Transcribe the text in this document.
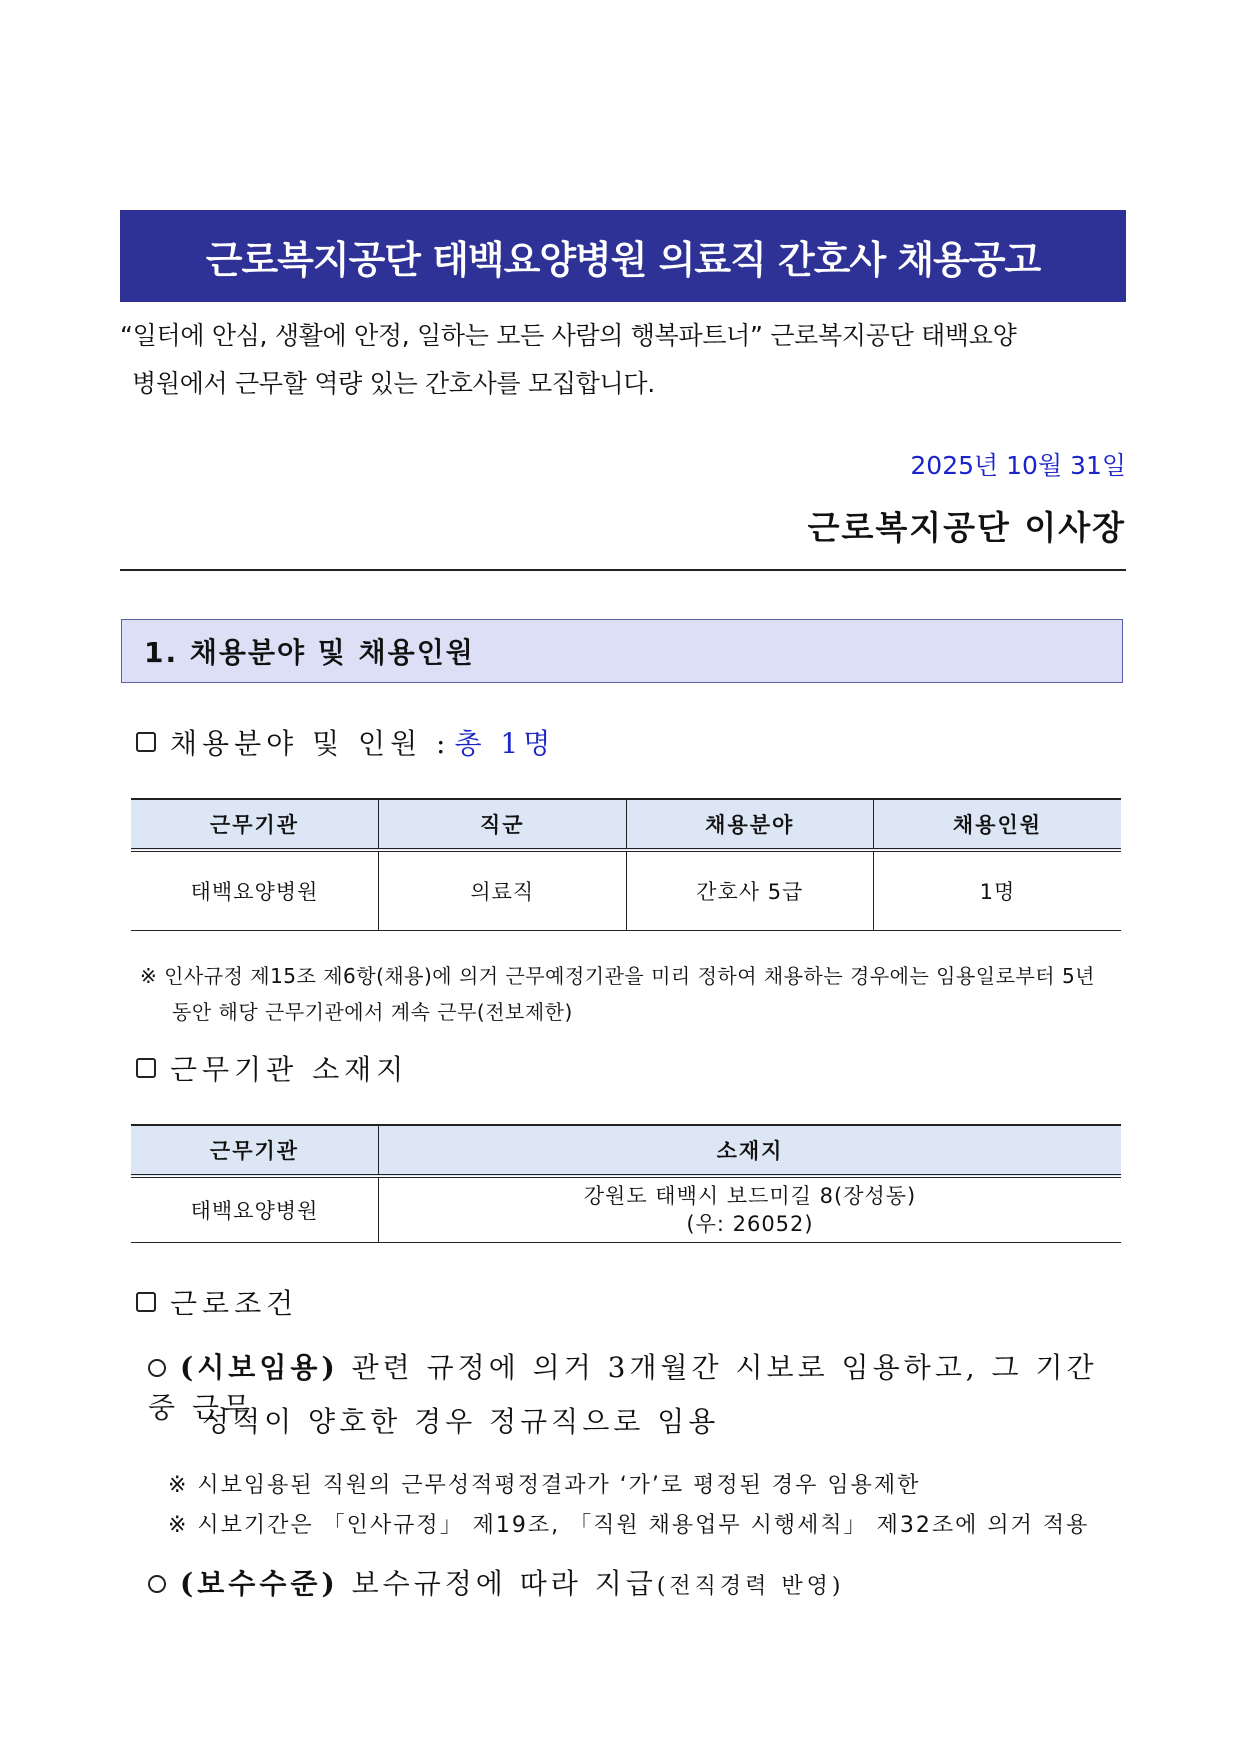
근로복지공단 태백요양병원 의료직 간호사 채용공고
“일터에 안심, 생활에 안정, 일하는 모든 사람의 행복파트너” 근로복지공단 태백요양
병원에서 근무할 역량 있는 간호사를 모집합니다.
2025년 10월 31일
근로복지공단 이사장
1. 채용분야 및 채용인원
채용분야 및 인원 : 총 1명
근무기관	직군	채용분야	채용인원
태백요양병원	의료직	간호사 5급	1명
※ 인사규정 제15조 제6항(채용)에 의거 근무예정기관을 미리 정하여 채용하는 경우에는 임용일로부터 5년
동안 해당 근무기관에서 계속 근무(전보제한)
근무기관 소재지
근무기관	소재지
태백요양병원	강원도 태백시 보드미길 8(장성동)
(우: 26052)
근로조건
(시보임용) 관련 규정에 의거 3개월간 시보로 임용하고, 그 기간 중 근무
성적이 양호한 경우 정규직으로 임용
※ 시보임용된 직원의 근무성적평정결과가 ‘가’로 평정된 경우 임용제한
※ 시보기간은 「인사규정」 제19조, 「직원 채용업무 시행세칙」 제32조에 의거 적용
(보수수준) 보수규정에 따라 지급(전직경력 반영)
